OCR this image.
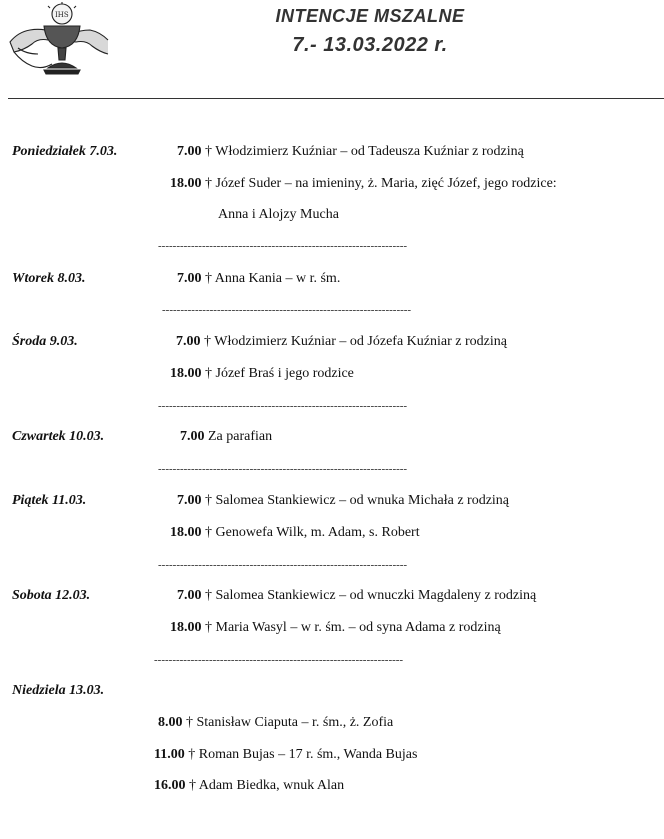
IHS	INTENCJE MSZALNE
7.- 13.03.2022 r.
Poniedziałek 7.03.	7.00 † Włodzimierz Kuźniar – od Tadeusza Kuźniar z rodziną
18.00 † Józef Suder – na imieniny, ż. Maria, zięć Józef, jego rodzice:
Anna i Alojzy Mucha
--------------------------------------------------------------------
Wtorek 8.03.	7.00 † Anna Kania – w r. śm.
--------------------------------------------------------------------
Środa 9.03.	7.00 † Włodzimierz Kuźniar – od Józefa Kuźniar z rodziną
18.00 † Józef Braś i jego rodzice
--------------------------------------------------------------------
Czwartek 10.03.	7.00 Za parafian
--------------------------------------------------------------------
Piątek 11.03.	7.00 † Salomea Stankiewicz – od wnuka Michała z rodziną
18.00 † Genowefa Wilk, m. Adam, s. Robert
--------------------------------------------------------------------
Sobota 12.03.	7.00 † Salomea Stankiewicz – od wnuczki Magdaleny z rodziną
18.00 † Maria Wasyl – w r. śm. – od syna Adama z rodziną
--------------------------------------------------------------------
Niedziela 13.03.
8.00 † Stanisław Ciaputa – r. śm., ż. Zofia
11.00 † Roman Bujas – 17 r. śm., Wanda Bujas
16.00 † Adam Biedka, wnuk Alan
